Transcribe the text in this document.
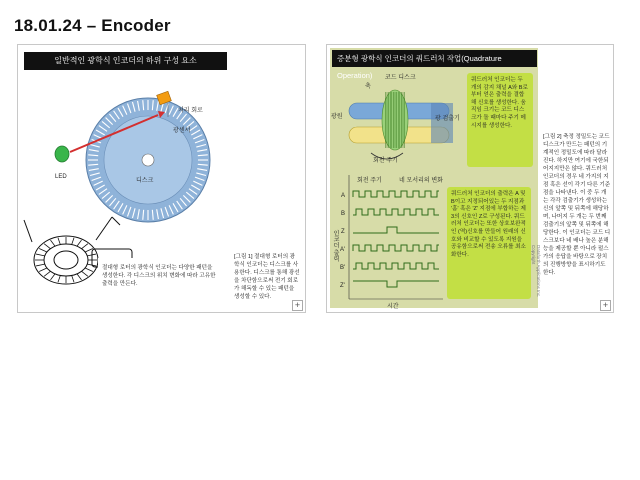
18.01.24 – Encoder
일반적인 광학식 인코더의 하위 구성 요소
처리 회로
광센서
LED
디스크
절대형 로터의 광학식 인코더는 다양한 패턴을 생성한다. 각 디스크의 위치 변화에 따라 고유한 출력을 만든다.
[그림 1] 절대형 로터의 광학식 인코더는 디스크를 사용한다. 디스크를 통해 광선을 차단함으로써 전기 회로가 해독할 수 있는 패턴을 생성할 수 있다.
+
증분형 광학식 인코더의 쿼드러처 작업(Quadrature Operation)
축
코드 디스크
광원	광 검출기
회전 주기
회전 주기	네 모서리의 변화
인코더 출력
시간
A
B
Z
A'
B'
Z'
쿼드러처 인코더는 두 개의 감지 채널 A와 B로부터 얻은 출력을 결합해 신호를 생성한다. 움직임 크기는 코드 디스크가 돌 때마다 주기 메시지를 생성한다.
쿼드러처 인코더의 출력은 A 및 B이고 지정되어있는 두 지점과 '홈' 혹은 'Z' 지점에 부합하는 제3의 신호인 Z로 구성된다. 쿼드러처 인코더는 또한 상호보완적인 (역)신호를 만들어 원래의 신호와 비교할 수 있도록 지원을 공유함으로써 전송 오류를 최소화한다.	Dataforth Applications Inc. Copyright
[그림 2] 축정 정밀도는 코드 디스크가 만드는 패턴의 기계적인 정밀도에 따라 달라진다. 하지만 여기에 국한되어지지만은 않다. 쿼드러처 인코더의 경우 네 가지의 지점 혹은 선이 각기 다른 기준점을 나타낸다. 이 중 두 개는 각각 검출기가 생성하는 신의 앞쪽 및 뒤쪽에 해당하며, 나머지 두 개는 두 번째 검출기의 앞쪽 및 뒤쪽에 해당한다. 이 인코더는 코드 디스크보다 네 배나 높은 분해능을 제공할 뿐 아니라 펄스가의 응답을 바탕으로 장치의 진행방향을 표시하기도 한다.
+
